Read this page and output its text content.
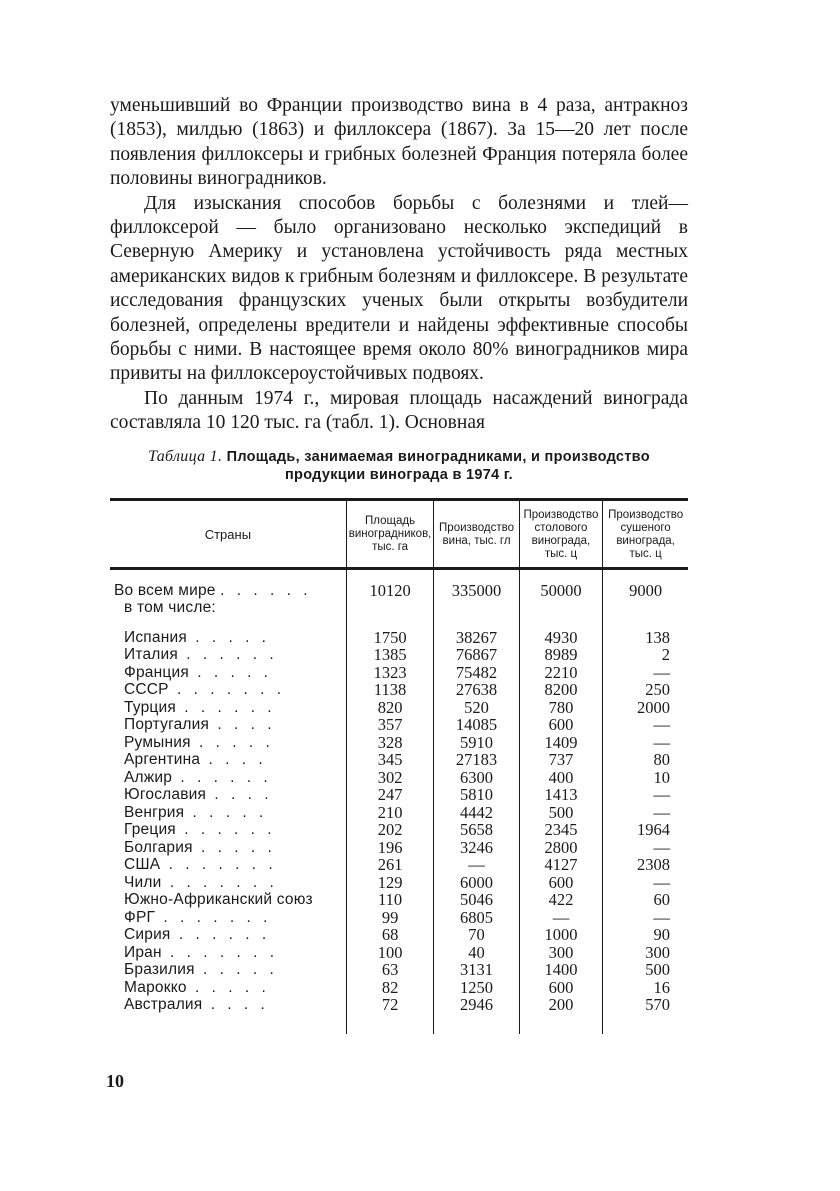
уменьшивший во Франции производство вина в 4 раза, антракноз (1853), милдью (1863) и филлоксера (1867). За 15—20 лет после появления филлоксеры и грибных болезней Франция потеряла более половины виноградников.

Для изыскания способов борьбы с болезнями и тлей—филлоксерой — было организовано несколько экспедиций в Северную Америку и установлена устойчивость ряда местных американских видов к грибным болезням и филлоксере. В результате исследования французских ученых были открыты возбудители болезней, определены вредители и найдены эффективные способы борьбы с ними. В настоящее время около 80% виноградников мира привиты на филлоксероустойчивых подвоях.

По данным 1974 г., мировая площадь насаждений винограда составляла 10 120 тыс. га (табл. 1). Основная

Таблица 1. Площадь, занимаемая виноградниками, и производство продукции винограда в 1974 г.
Страны	Площадь виноградников, тыс. га	Производство вина, тыс. гл	Производство столового винограда, тыс. ц	Производство сушеного винограда, тыс. ц

Во всем мире . . . . . .	10120	335000	50000	9000
в том числе:				

Испания . . . . .	1750	38267	4930	138
Италия . . . . . .	1385	76867	8989	2
Франция . . . . .	1323	75482	2210	—
СССР . . . . . . .	1138	27638	8200	250
Турция . . . . . .	820	520	780	2000
Португалия . . . .	357	14085	600	—
Румыния . . . . .	328	5910	1409	—
Аргентина . . . .	345	27183	737	80
Алжир . . . . . .	302	6300	400	10
Югославия . . . .	247	5810	1413	—
Венгрия . . . . .	210	4442	500	—
Греция . . . . . .	202	5658	2345	1964
Болгария . . . . .	196	3246	2800	—
США . . . . . . .	261	—	4127	2308
Чили . . . . . . .	129	6000	600	—
Южно-Африканский союз	110	5046	422	60
ФРГ . . . . . . .	99	6805	—	—
Сирия . . . . . .	68	70	1000	90
Иран . . . . . . .	100	40	300	300
Бразилия . . . . .	63	3131	1400	500
Марокко . . . . .	82	1250	600	16
Австралия . . . .	72	2946	200	570

10
